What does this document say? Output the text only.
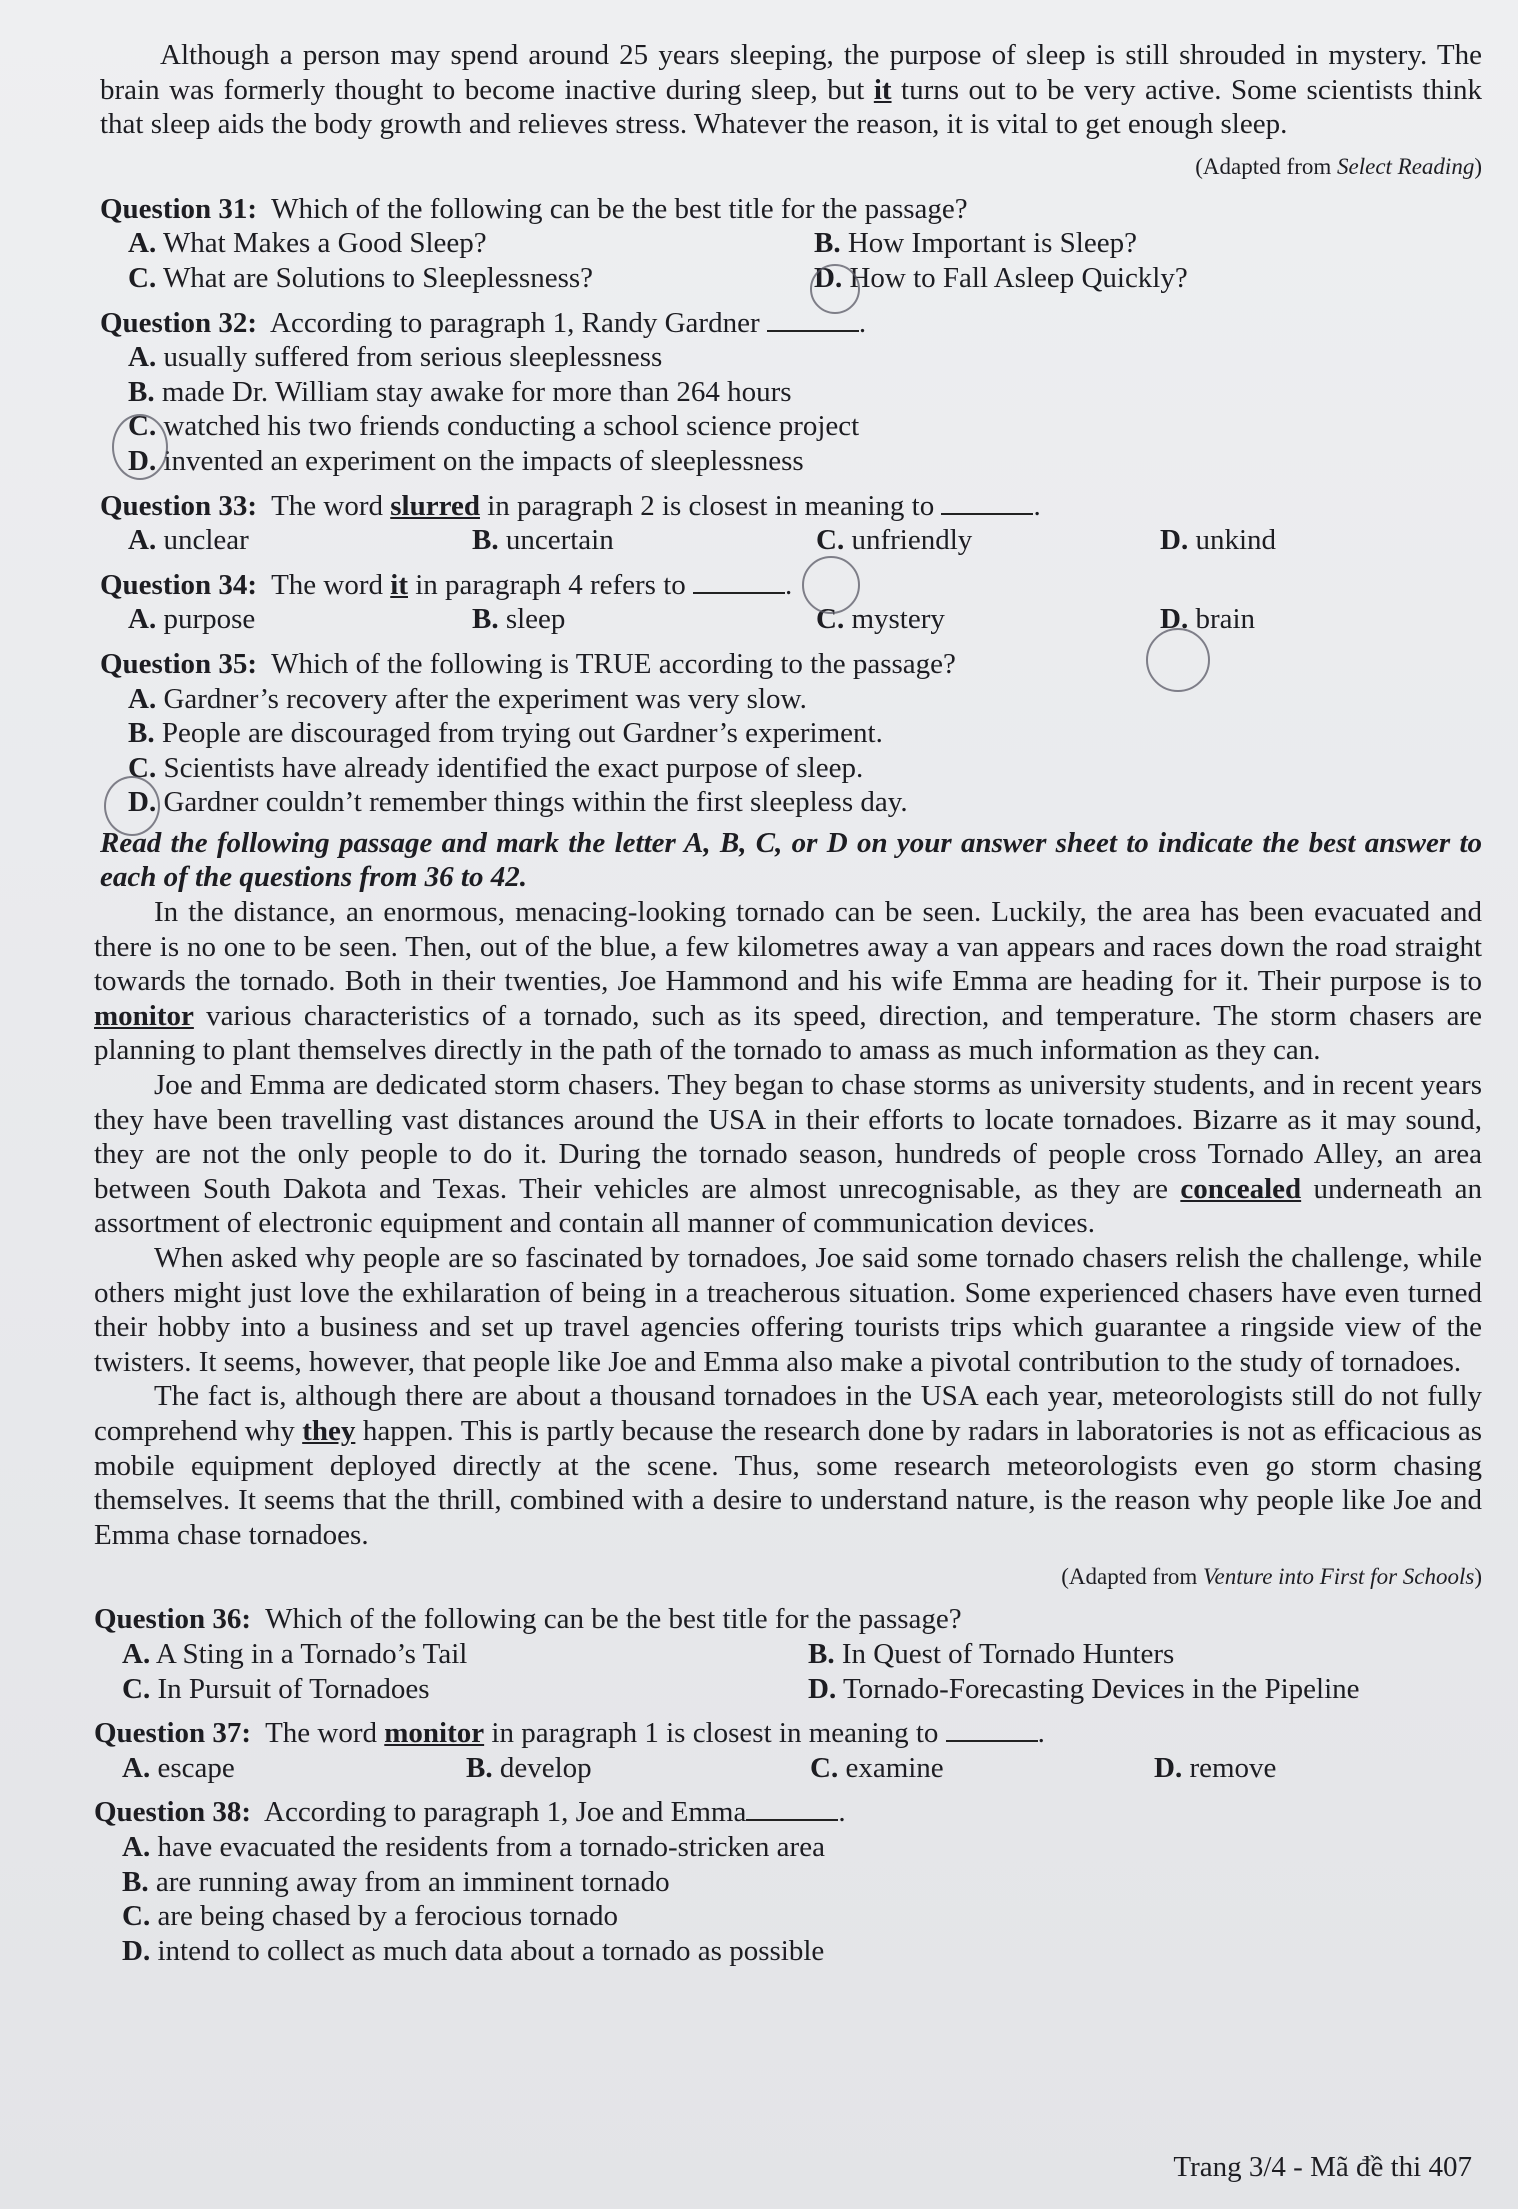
Although a person may spend around 25 years sleeping, the purpose of sleep is still shrouded in mystery. The brain was formerly thought to become inactive during sleep, but it turns out to be very active. Some scientists think that sleep aids the body growth and relieves stress. Whatever the reason, it is vital to get enough sleep.

(Adapted from Select Reading)
Question 31: Which of the following can be the best title for the passage?
A. What Makes a Good Sleep?	B. How Important is Sleep?
C. What are Solutions to Sleeplessness?	D. How to Fall Asleep Quickly?
Question 32: According to paragraph 1, Randy Gardner	.
A. usually suffered from serious sleeplessness
B. made Dr. William stay awake for more than 264 hours
C. watched his two friends conducting a school science project
D. invented an experiment on the impacts of sleeplessness
Question 33: The word slurred in paragraph 2 is closest in meaning to	.
A. unclear	B. uncertain	C. unfriendly	D. unkind
Question 34: The word it in paragraph 4 refers to	.
A. purpose	B. sleep	C. mystery	D. brain
Question 35: Which of the following is TRUE according to the passage?
A. Gardner’s recovery after the experiment was very slow.
B. People are discouraged from trying out Gardner’s experiment.
C. Scientists have already identified the exact purpose of sleep.
D. Gardner couldn’t remember things within the first sleepless day.
Read the following passage and mark the letter A, B, C, or D on your answer sheet to indicate the best answer to each of the questions from 36 to 42.

In the distance, an enormous, menacing-looking tornado can be seen. Luckily, the area has been evacuated and there is no one to be seen. Then, out of the blue, a few kilometres away a van appears and races down the road straight towards the tornado. Both in their twenties, Joe Hammond and his wife Emma are heading for it. Their purpose is to monitor various characteristics of a tornado, such as its speed, direction, and temperature. The storm chasers are planning to plant themselves directly in the path of the tornado to amass as much information as they can.

Joe and Emma are dedicated storm chasers. They began to chase storms as university students, and in recent years they have been travelling vast distances around the USA in their efforts to locate tornadoes. Bizarre as it may sound, they are not the only people to do it. During the tornado season, hundreds of people cross Tornado Alley, an area between South Dakota and Texas. Their vehicles are almost unrecognisable, as they are concealed underneath an assortment of electronic equipment and contain all manner of communication devices.

When asked why people are so fascinated by tornadoes, Joe said some tornado chasers relish the challenge, while others might just love the exhilaration of being in a treacherous situation. Some experienced chasers have even turned their hobby into a business and set up travel agencies offering tourists trips which guarantee a ringside view of the twisters. It seems, however, that people like Joe and Emma also make a pivotal contribution to the study of tornadoes.

The fact is, although there are about a thousand tornadoes in the USA each year, meteorologists still do not fully comprehend why they happen. This is partly because the research done by radars in laboratories is not as efficacious as mobile equipment deployed directly at the scene. Thus, some research meteorologists even go storm chasing themselves. It seems that the thrill, combined with a desire to understand nature, is the reason why people like Joe and Emma chase tornadoes.

(Adapted from Venture into First for Schools)
Question 36: Which of the following can be the best title for the passage?
A. A Sting in a Tornado’s Tail	B. In Quest of Tornado Hunters
C. In Pursuit of Tornadoes	D. Tornado-Forecasting Devices in the Pipeline
Question 37: The word monitor in paragraph 1 is closest in meaning to	.
A. escape	B. develop	C. examine	D. remove
Question 38: According to paragraph 1, Joe and Emma	.
A. have evacuated the residents from a tornado-stricken area
B. are running away from an imminent tornado
C. are being chased by a ferocious tornado
D. intend to collect as much data about a tornado as possible
Trang 3/4 - Mã đề thi 407
